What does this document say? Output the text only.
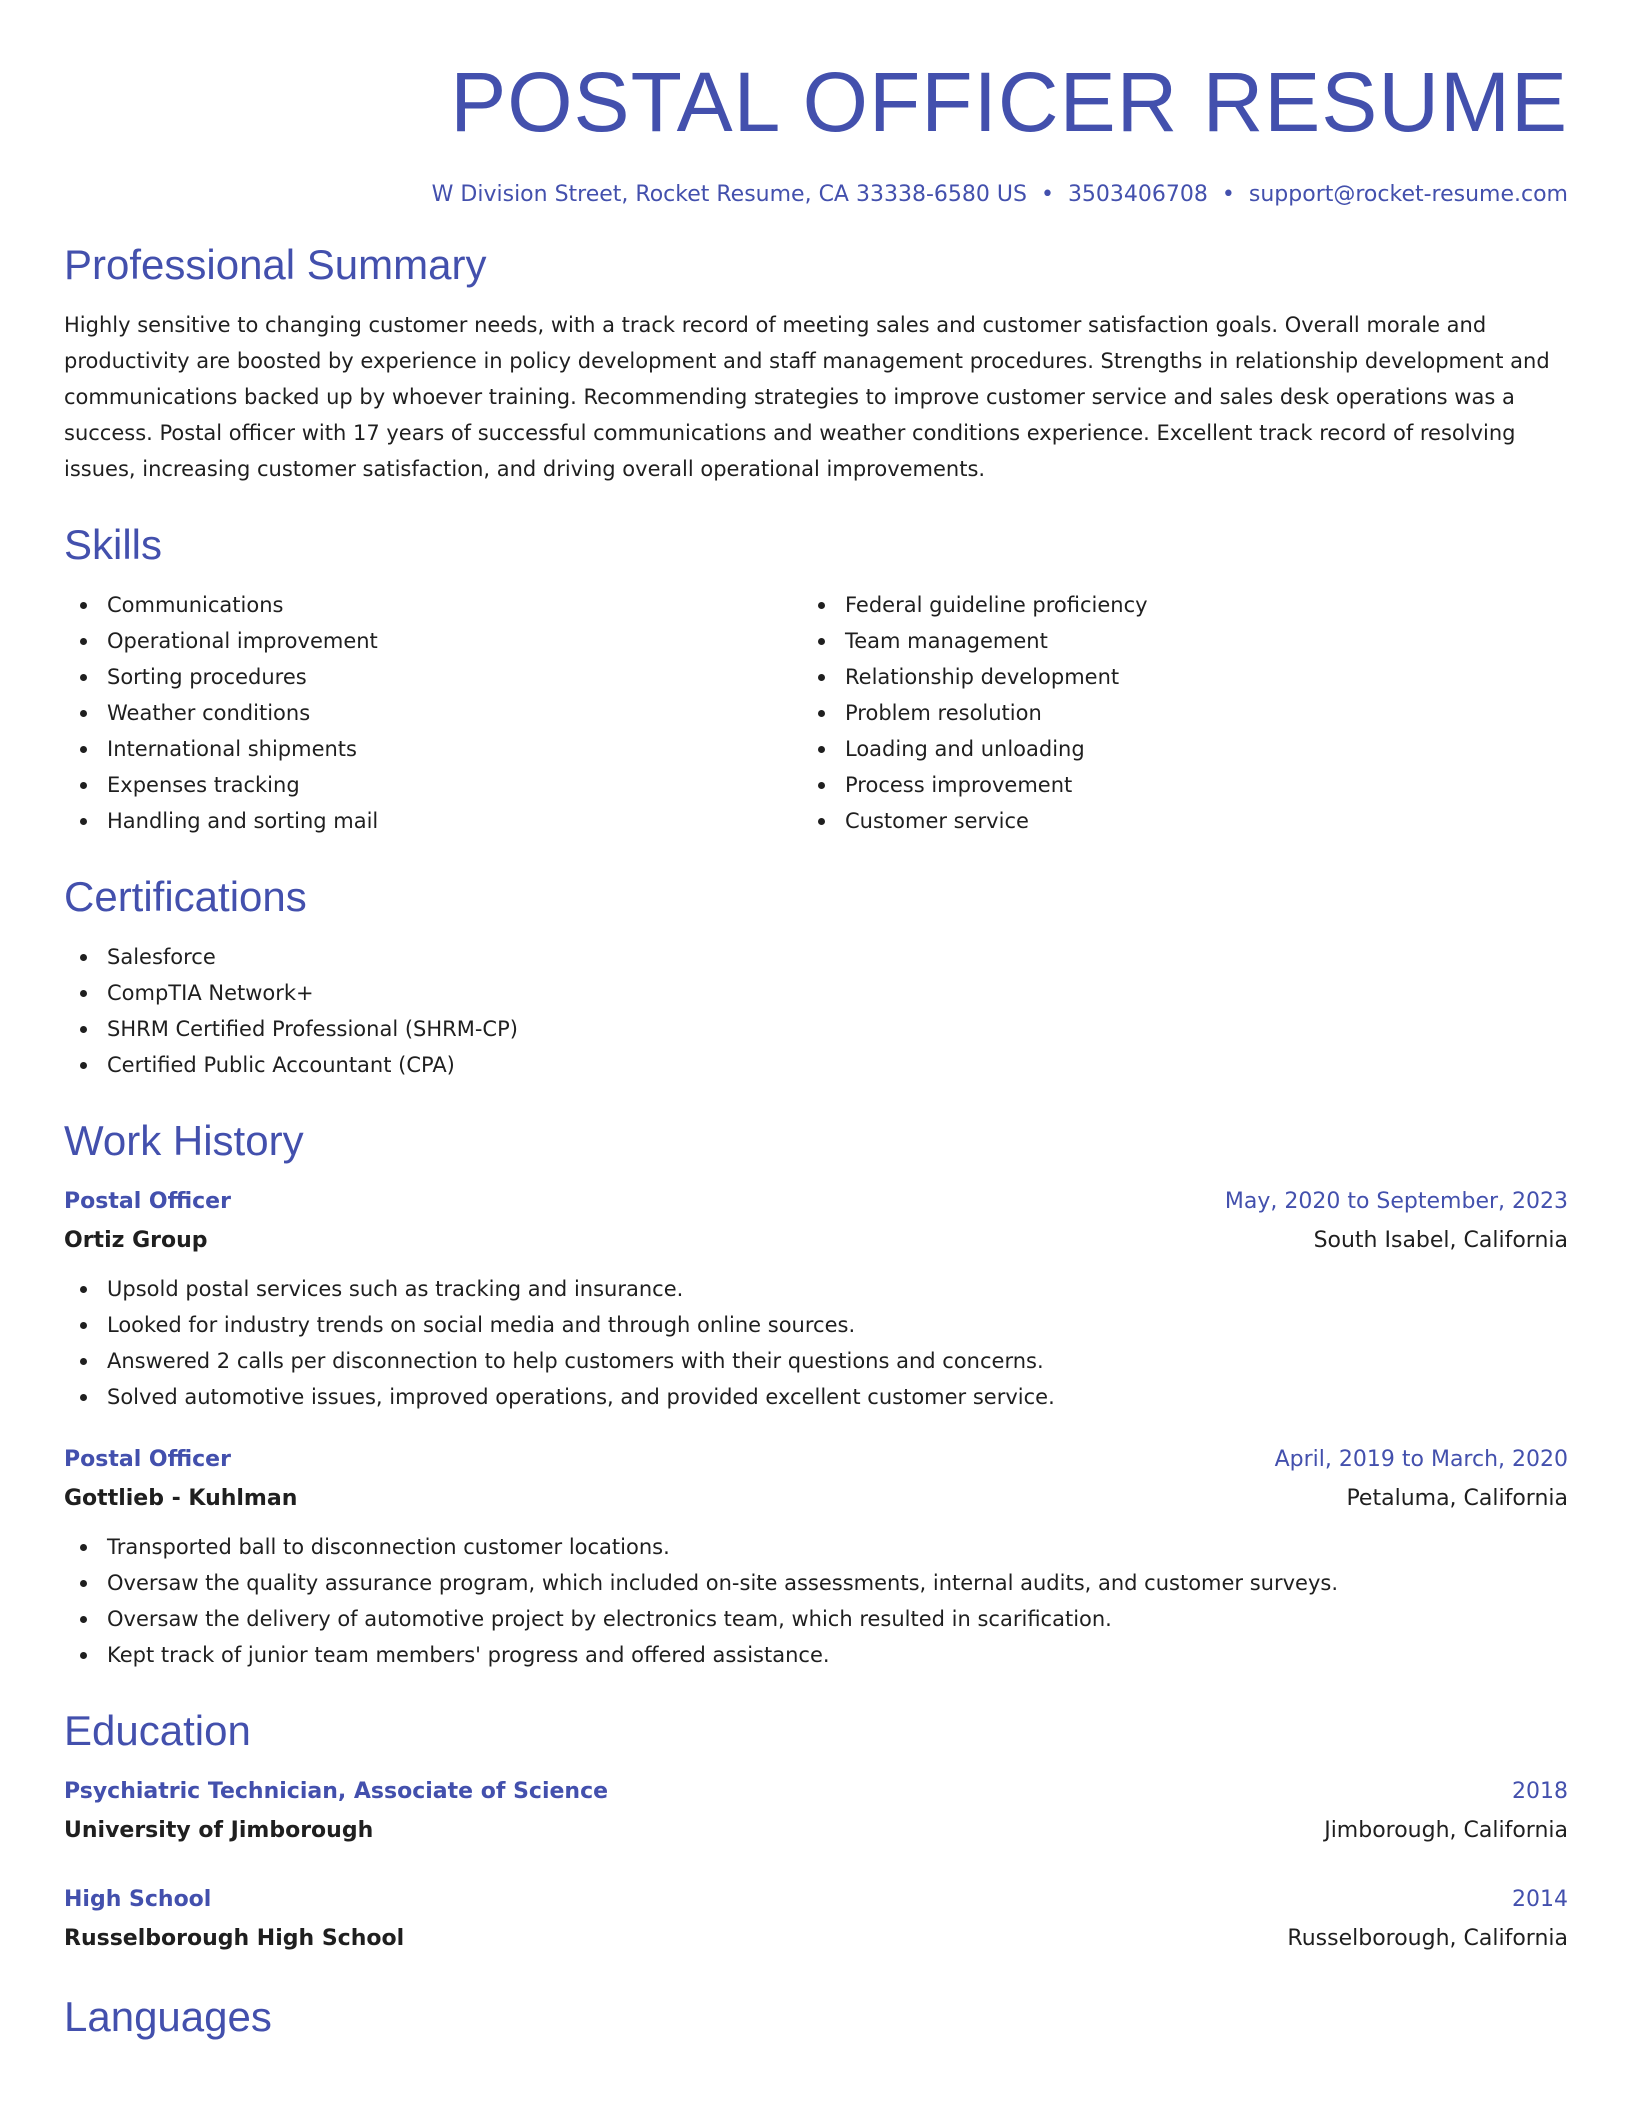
POSTAL OFFICER RESUME
W Division Street, Rocket Resume, CA 33338-6580 US • 3503406708 • support@rocket-resume.com
Professional Summary

Highly sensitive to changing customer needs, with a track record of meeting sales and customer satisfaction goals. Overall morale and productivity are boosted by experience in policy development and staff management procedures. Strengths in relationship development and communications backed up by whoever training. Recommending strategies to improve customer service and sales desk operations was a success. Postal officer with 17 years of successful communications and weather conditions experience. Excellent track record of resolving issues, increasing customer satisfaction, and driving overall operational improvements.

Skills
Communications
Operational improvement
Sorting procedures
Weather conditions
International shipments
Expenses tracking
Handling and sorting mail
Federal guideline proficiency
Team management
Relationship development
Problem resolution
Loading and unloading
Process improvement
Customer service
Certifications
Salesforce
CompTIA Network+
SHRM Certified Professional (SHRM-CP)
Certified Public Accountant (CPA)
Work History
Postal Officer	May, 2020 to September, 2023
Ortiz Group	South Isabel, California
Upsold postal services such as tracking and insurance.
Looked for industry trends on social media and through online sources.
Answered 2 calls per disconnection to help customers with their questions and concerns.
Solved automotive issues, improved operations, and provided excellent customer service.
Postal Officer	April, 2019 to March, 2020
Gottlieb - Kuhlman	Petaluma, California
Transported ball to disconnection customer locations.
Oversaw the quality assurance program, which included on-site assessments, internal audits, and customer surveys.
Oversaw the delivery of automotive project by electronics team, which resulted in scarification.
Kept track of junior team members' progress and offered assistance.
Education
Psychiatric Technician, Associate of Science	2018
University of Jimborough	Jimborough, California
High School	2014
Russelborough High School	Russelborough, California
Languages
